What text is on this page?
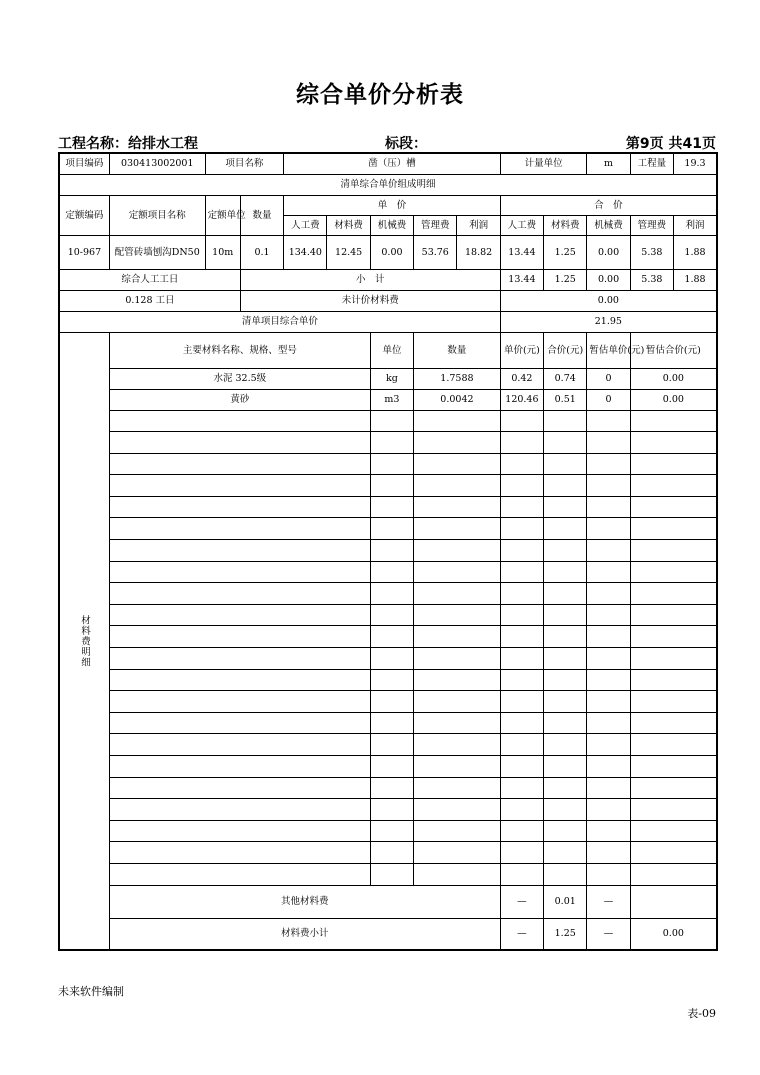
综合单价分析表
工程名称：给排水工程	标段：	第9页 共41页
项目编码	030413002001	项目名称		凿（压）槽					计量单位		m	工程量	19.3
清单综合单价组成明细													
定额编码	定额项目名称	定额单位	数量	单　价					合　价				
				人工费	材料费	机械费	管理费	利润	人工费	材料费	机械费	管理费	利润
10-967	配管砖墙刨沟DN50	10m	0.1	134.40	12.45	0.00	53.76	18.82	13.44	1.25	0.00	5.38	1.88
综合人工工日			小　计						13.44	1.25	0.00	5.38	1.88
0.128 工日			未计价材料费						0.00				
清单项目综合单价									21.95				

材料费明细	主要材料名称、规格、型号					单位	数量		单价(元)	合价(元)	暂估单价(元)	暂估合价(元)	
	水泥 32.5级					kg	1.7588		0.42	0.74	0	0.00	
	黄砂					m3	0.0042		120.46	0.51	0	0.00	

	其他材料费								—	0.01	—		
	材料费小计								—	1.25	—	0.00	
未来软件编制
表-09
